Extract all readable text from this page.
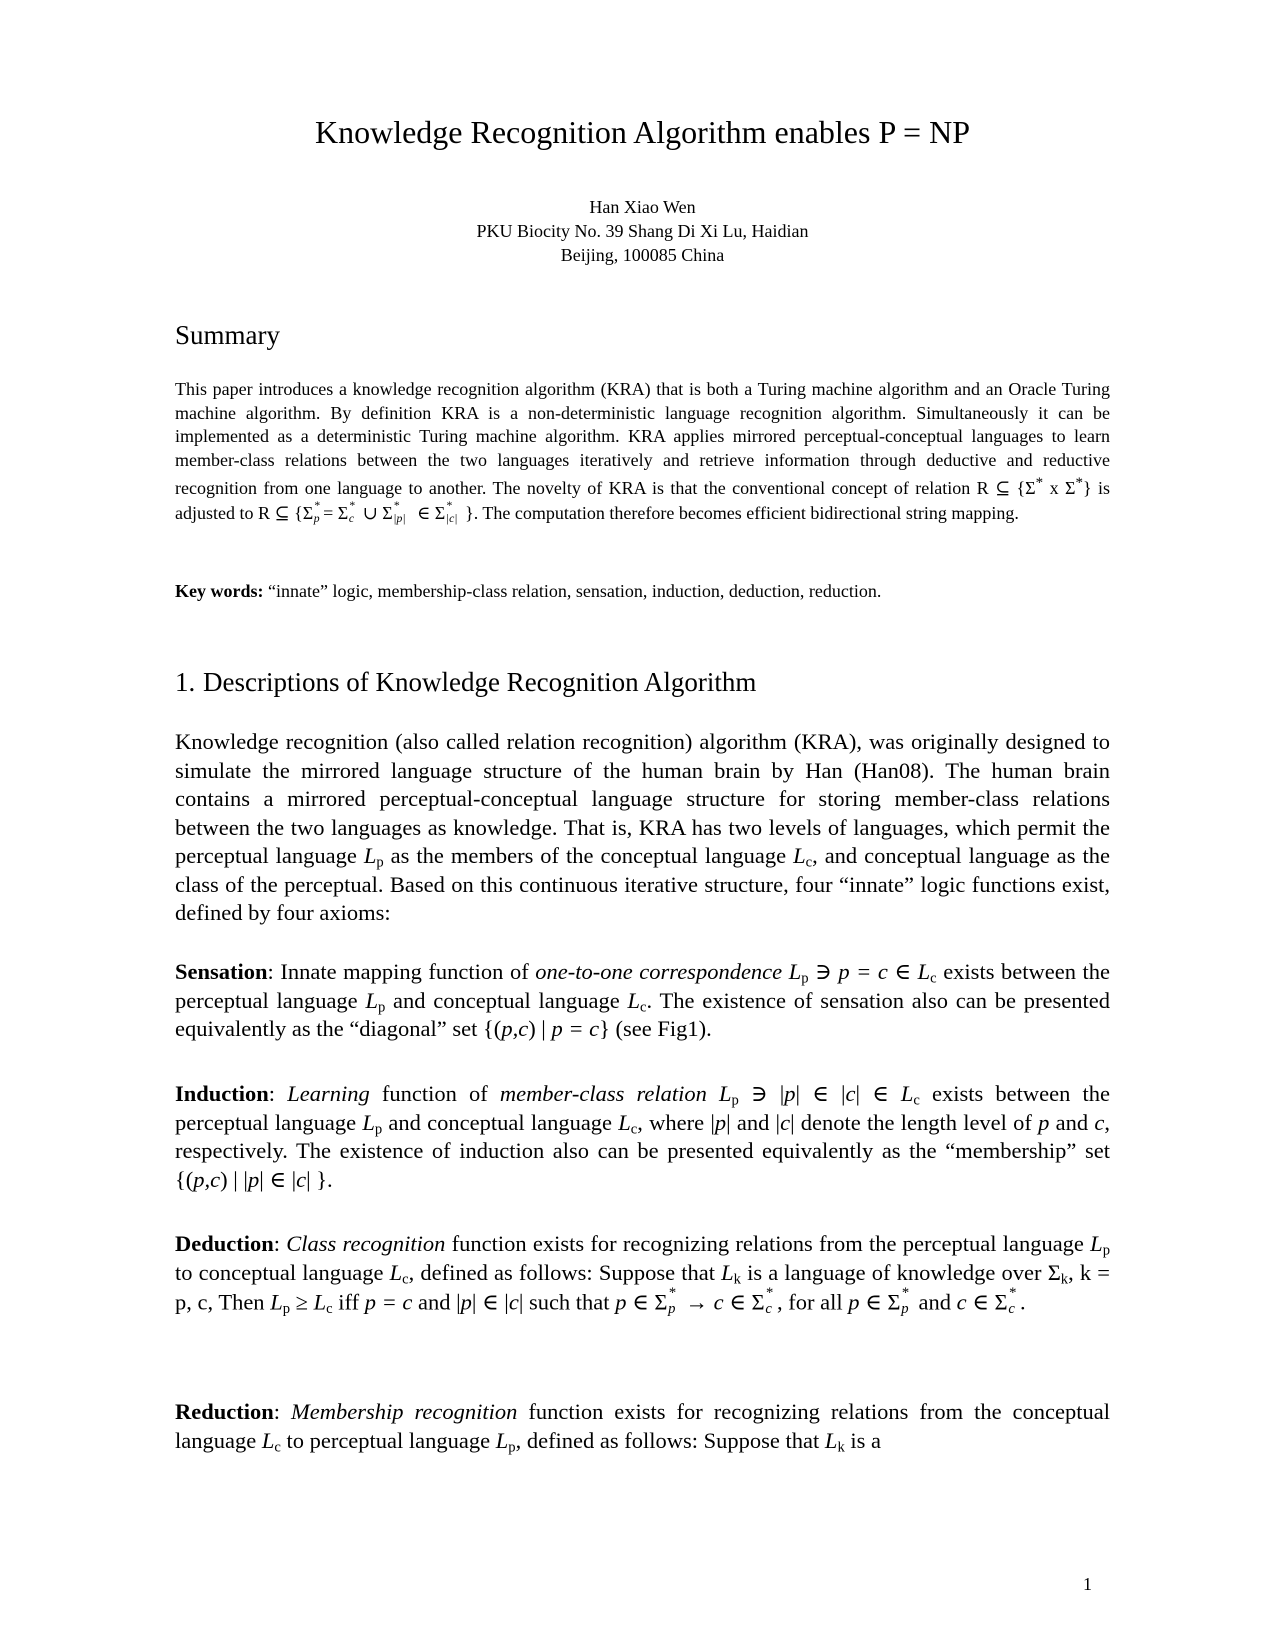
Knowledge Recognition Algorithm enables P = NP
Han Xiao Wen
PKU Biocity No. 39 Shang Di Xi Lu, Haidian
Beijing, 100085 China
Summary

This paper introduces a knowledge recognition algorithm (KRA) that is both a Turing machine algorithm and an Oracle Turing machine algorithm. By definition KRA is a non-deterministic language recognition algorithm. Simultaneously it can be implemented as a deterministic Turing machine algorithm. KRA applies mirrored perceptual-conceptual languages to learn member-class relations between the two languages iteratively and retrieve information through deductive and reductive recognition from one language to another. The novelty of KRA is that the conventional concept of relation R ⊆ {Σ* x Σ*} is adjusted to R ⊆ {Σ *
p = Σ *
c ∪ Σ *
|p| ∈ Σ *
|c| }. The computation therefore becomes efficient bidirectional string mapping.

Key words: “innate” logic, membership-class relation, sensation, induction, deduction, reduction.
1. Descriptions of Knowledge Recognition Algorithm

Knowledge recognition (also called relation recognition) algorithm (KRA), was originally designed to simulate the mirrored language structure of the human brain by Han (Han08). The human brain contains a mirrored perceptual-conceptual language structure for storing member-class relations between the two languages as knowledge. That is, KRA has two levels of languages, which permit the perceptual language $L_p$ as the members of the conceptual language $L_c$, and conceptual language as the class of the perceptual. Based on this continuous iterative structure, four “innate” logic functions exist, defined by four axioms:

Sensation: Innate mapping function of one-to-one correspondence $L_p$ ∋ p = c ∈ $L_c$ exists between the perceptual language $L_p$ and conceptual language $L_c$. The existence of sensation also can be presented equivalently as the “diagonal” set {(p,c) | p = c} (see Fig1).

Induction: Learning function of member-class relation $L_p$ ∋ |p| ∈ |c| ∈ $L_c$ exists between the perceptual language $L_p$ and conceptual language $L_c$, where |p| and |c| denote the length level of p and c, respectively. The existence of induction also can be presented equivalently as the “membership” set {(p,c) | |p| ∈ |c| }.

Deduction: Class recognition function exists for recognizing relations from the perceptual language $L_p$ to conceptual language $L_c$, defined as follows: Suppose that $L_k$ is a language of knowledge over $\Sigma_k$, k = p, c, Then $L_p \ge L_c$ iff p = c and |p| ∈ |c| such that p ∈ Σ *
p → c ∈ Σ *
c , for all p ∈ Σ *
p and c ∈ Σ *
c .

Reduction: Membership recognition function exists for recognizing relations from the conceptual language $L_c$ to perceptual language $L_p$, defined as follows: Suppose that $L_k$ is a

1
